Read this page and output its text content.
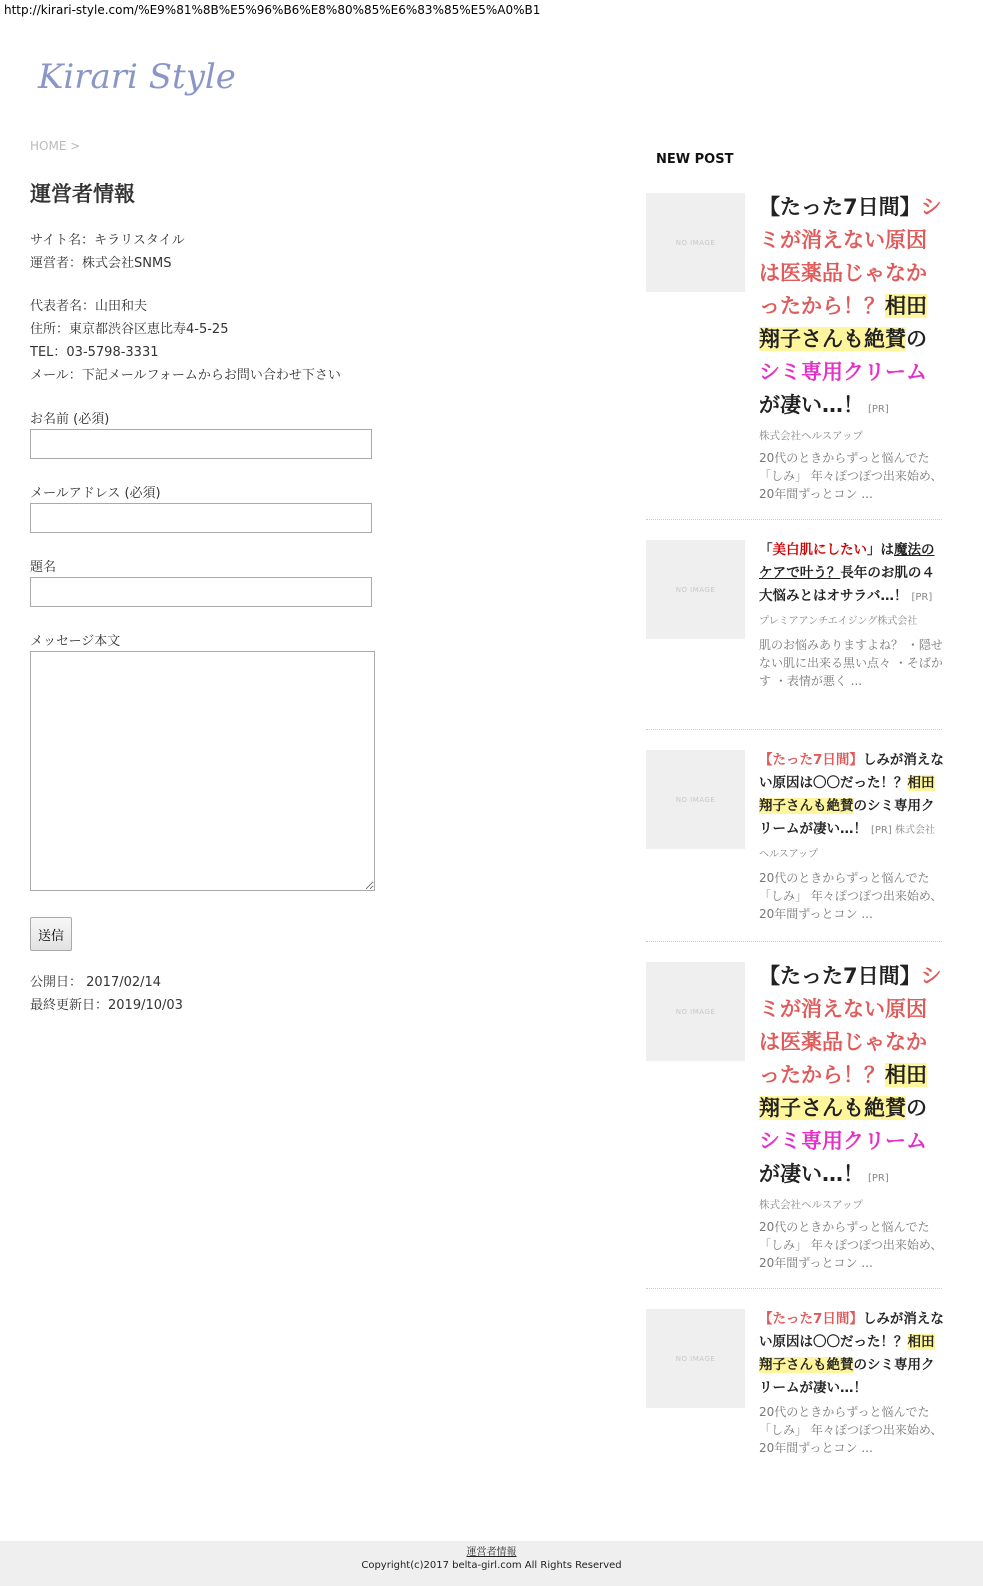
http://kirari-style.com/%E9%81%8B%E5%96%B6%E8%80%85%E6%83%85%E5%A0%B1
Kirari Style
HOME >
運営者情報
サイト名：キラリスタイル
運営者：株式会社SNMS
代表者名：山田和夫
住所：東京都渋谷区恵比寿4-5-25
TEL：03-5798-3331
メール：下記メールフォームからお問い合わせ下さい
お名前 (必須)
メールアドレス (必須)
題名
メッセージ本文
送信
公開日： 2017/02/14
最終更新日：2019/10/03
NEW POST
NO IMAGE

【たった7日間】シミが消えない原因は医薬品じゃなかったから！？相田翔子さんも絶賛のシミ専用クリームが凄い…！ [PR]

株式会社ヘルスアップ
20代のときからずっと悩んでた「しみ」 年々ぽつぽつ出来始め、20年間ずっとコン ...
NO IMAGE

「美白肌にしたい」は魔法のケアで叶う？長年のお肌の４大悩みとはオサラバ…！ [PR] プレミアアンチエイジング株式会社

肌のお悩みありますよね？ ・隠せない肌に出来る黒い点々 ・そばかす ・表情が悪く ...
NO IMAGE

【たった7日間】しみが消えない原因は〇〇だった！？相田翔子さんも絶賛のシミ専用クリームが凄い…！ [PR] 株式会社ヘルスアップ

20代のときからずっと悩んでた「しみ」 年々ぽつぽつ出来始め、20年間ずっとコン ...
NO IMAGE

【たった7日間】シミが消えない原因は医薬品じゃなかったから！？相田翔子さんも絶賛のシミ専用クリームが凄い…！ [PR]

株式会社ヘルスアップ
20代のときからずっと悩んでた「しみ」 年々ぽつぽつ出来始め、20年間ずっとコン ...
NO IMAGE

【たった7日間】しみが消えない原因は〇〇だった！？相田翔子さんも絶賛のシミ専用クリームが凄い…！

20代のときからずっと悩んでた「しみ」 年々ぽつぽつ出来始め、20年間ずっとコン ...
運営者情報
Copyright(c)2017 belta-girl.com All Rights Reserved
